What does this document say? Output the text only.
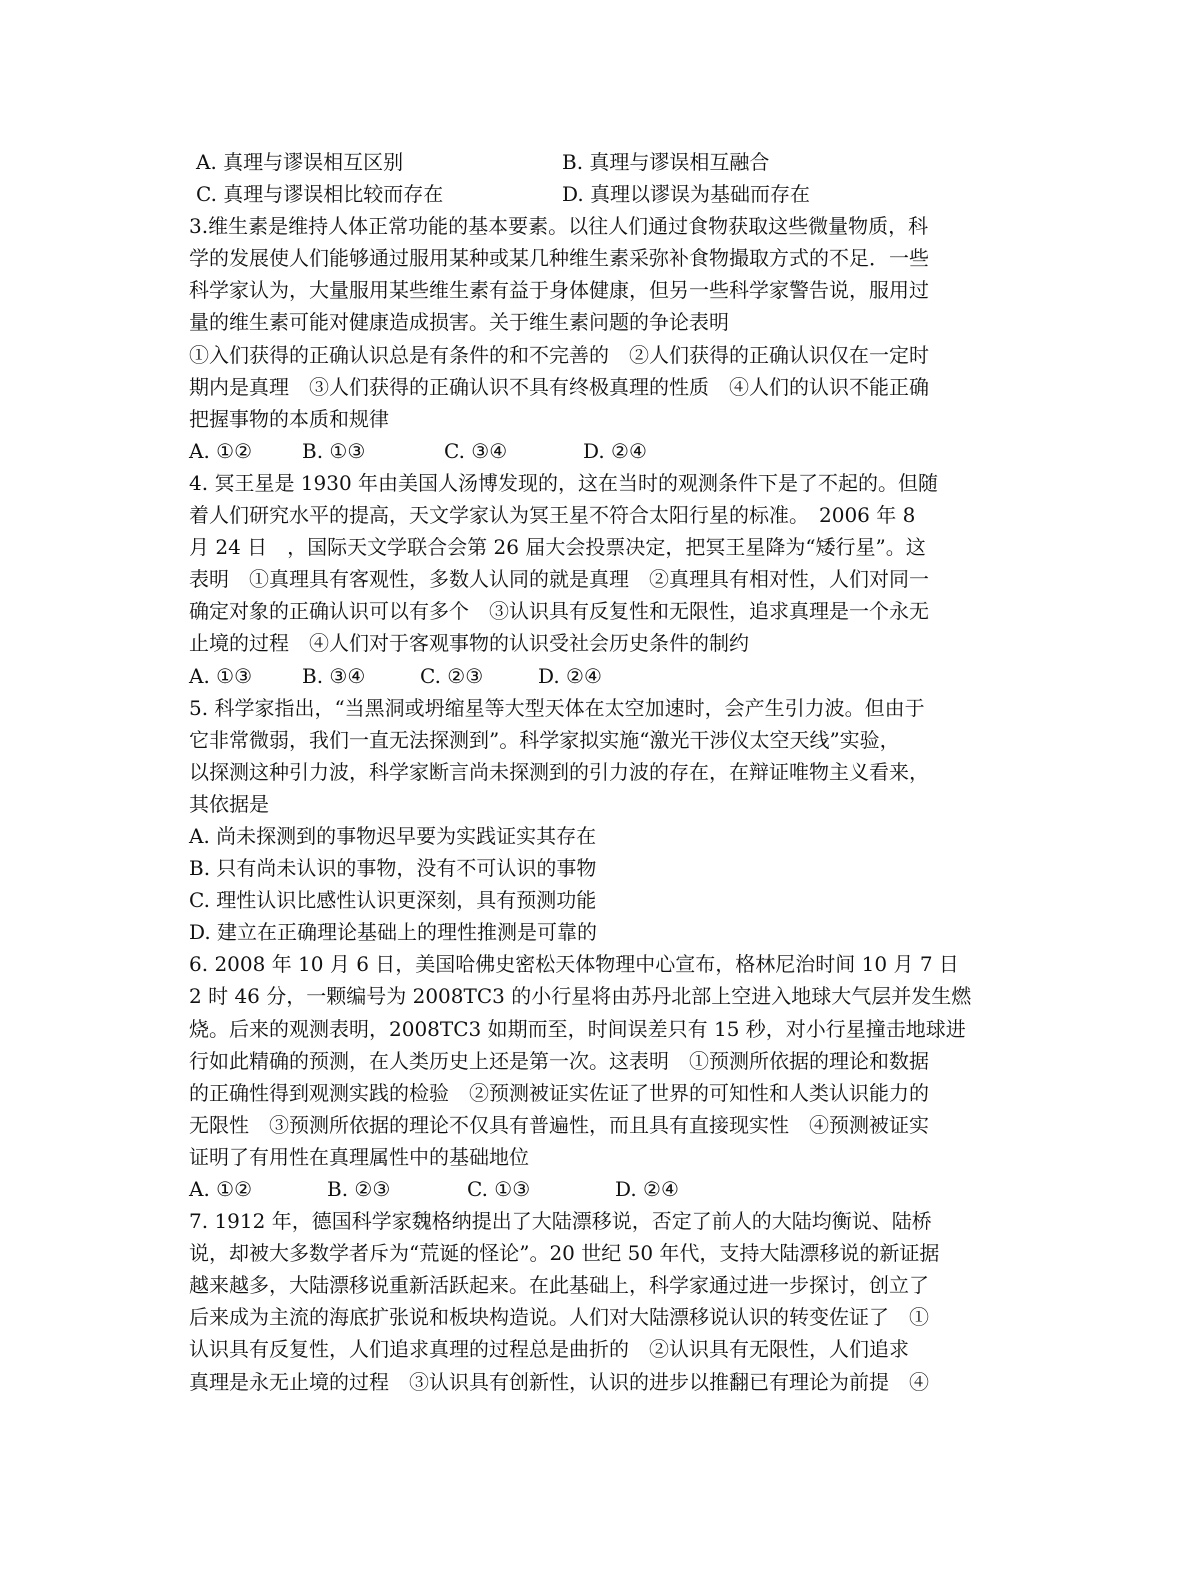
A. 真理与谬误相互区别	B. 真理与谬误相互融合
C. 真理与谬误相比较而存在	D. 真理以谬误为基础而存在
3.维生素是维持人体正常功能的基本要素。以往人们通过食物获取这些微量物质，科
学的发展使人们能够通过服用某种或某几种维生素采弥补食物撮取方式的不足．一些
科学家认为，大量服用某些维生素有益于身体健康，但另一些科学家警告说，服用过
量的维生素可能对健康造成损害。关于维生素问题的争论表明
①入们获得的正确认识总是有条件的和不完善的　②人们获得的正确认识仅在一定时
期内是真理　③人们获得的正确认识不具有终极真理的性质　④人们的认识不能正确
把握事物的本质和规律
A. ①②	B. ①③	C. ③④	D. ②④
4. 冥王星是 1930 年由美国人汤博发现的，这在当时的观测条件下是了不起的。但随
着人们研究水平的提高，天文学家认为冥王星不符合太阳行星的标准。　2006 年 8
月 24 日　，国际天文学联合会第 26 届大会投票决定，把冥王星降为“矮行星”。这
表明　①真理具有客观性，多数人认同的就是真理　②真理具有相对性，人们对同一
确定对象的正确认识可以有多个　③认识具有反复性和无限性，追求真理是一个永无
止境的过程　④人们对于客观事物的认识受社会历史条件的制约
A. ①③	B. ③④	C. ②③	D. ②④
5. 科学家指出，“当黑洞或坍缩星等大型天体在太空加速时，会产生引力波。但由于
它非常微弱，我们一直无法探测到”。科学家拟实施“激光干涉仪太空天线”实验，
以探测这种引力波，科学家断言尚未探测到的引力波的存在，在辩证唯物主义看来，
其依据是
A. 尚未探测到的事物迟早要为实践证实其存在
B. 只有尚未认识的事物，没有不可认识的事物
C. 理性认识比感性认识更深刻，具有预测功能
D. 建立在正确理论基础上的理性推测是可靠的
6. 2008 年 10 月 6 日，美国哈佛史密松天体物理中心宣布，格林尼治时间 10 月 7 日
2 时 46 分，一颗编号为 2008TC3 的小行星将由苏丹北部上空进入地球大气层并发生燃
烧。后来的观测表明，2008TC3 如期而至，时间误差只有 15 秒，对小行星撞击地球进
行如此精确的预测，在人类历史上还是第一次。这表明　①预测所依据的理论和数据
的正确性得到观测实践的检验　②预测被证实佐证了世界的可知性和人类认识能力的
无限性　③预测所依据的理论不仅具有普遍性，而且具有直接现实性　④预测被证实
证明了有用性在真理属性中的基础地位
A. ①②	B. ②③	C. ①③	D. ②④
7. 1912 年，德国科学家魏格纳提出了大陆漂移说，否定了前人的大陆均衡说、陆桥
说，却被大多数学者斥为“荒诞的怪论”。20 世纪 50 年代，支持大陆漂移说的新证据
越来越多，大陆漂移说重新活跃起来。在此基础上，科学家通过进一步探讨，创立了
后来成为主流的海底扩张说和板块构造说。人们对大陆漂移说认识的转变佐证了　①
认识具有反复性，人们追求真理的过程总是曲折的　②认识具有无限性，人们追求
真理是永无止境的过程　③认识具有创新性，认识的进步以推翻已有理论为前提　④
